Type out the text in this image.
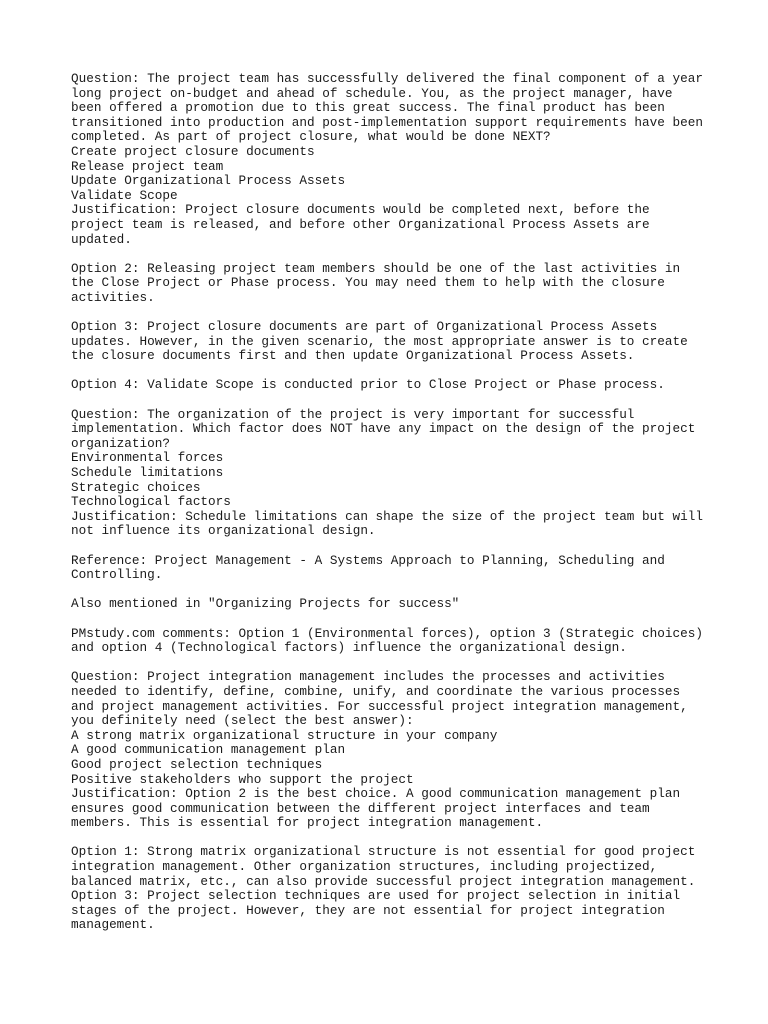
Question: The project team has successfully delivered the final component of a year
long project on-budget and ahead of schedule. You, as the project manager, have
been offered a promotion due to this great success. The final product has been
transitioned into production and post-implementation support requirements have been
completed. As part of project closure, what would be done NEXT?
Create project closure documents
Release project team
Update Organizational Process Assets
Validate Scope
Justification: Project closure documents would be completed next, before the
project team is released, and before other Organizational Process Assets are
updated.
Option 2: Releasing project team members should be one of the last activities in
the Close Project or Phase process. You may need them to help with the closure
activities.
Option 3: Project closure documents are part of Organizational Process Assets
updates. However, in the given scenario, the most appropriate answer is to create
the closure documents first and then update Organizational Process Assets.
Option 4: Validate Scope is conducted prior to Close Project or Phase process.
Question: The organization of the project is very important for successful
implementation. Which factor does NOT have any impact on the design of the project
organization?
Environmental forces
Schedule limitations
Strategic choices
Technological factors
Justification: Schedule limitations can shape the size of the project team but will
not influence its organizational design.
Reference: Project Management - A Systems Approach to Planning, Scheduling and
Controlling.
Also mentioned in "Organizing Projects for success"
PMstudy.com comments: Option 1 (Environmental forces), option 3 (Strategic choices)
and option 4 (Technological factors) influence the organizational design.
Question: Project integration management includes the processes and activities
needed to identify, define, combine, unify, and coordinate the various processes
and project management activities. For successful project integration management,
you definitely need (select the best answer):
A strong matrix organizational structure in your company
A good communication management plan
Good project selection techniques
Positive stakeholders who support the project
Justification: Option 2 is the best choice. A good communication management plan
ensures good communication between the different project interfaces and team
members. This is essential for project integration management.
Option 1: Strong matrix organizational structure is not essential for good project
integration management. Other organization structures, including projectized,
balanced matrix, etc., can also provide successful project integration management.
Option 3: Project selection techniques are used for project selection in initial
stages of the project. However, they are not essential for project integration
management.
